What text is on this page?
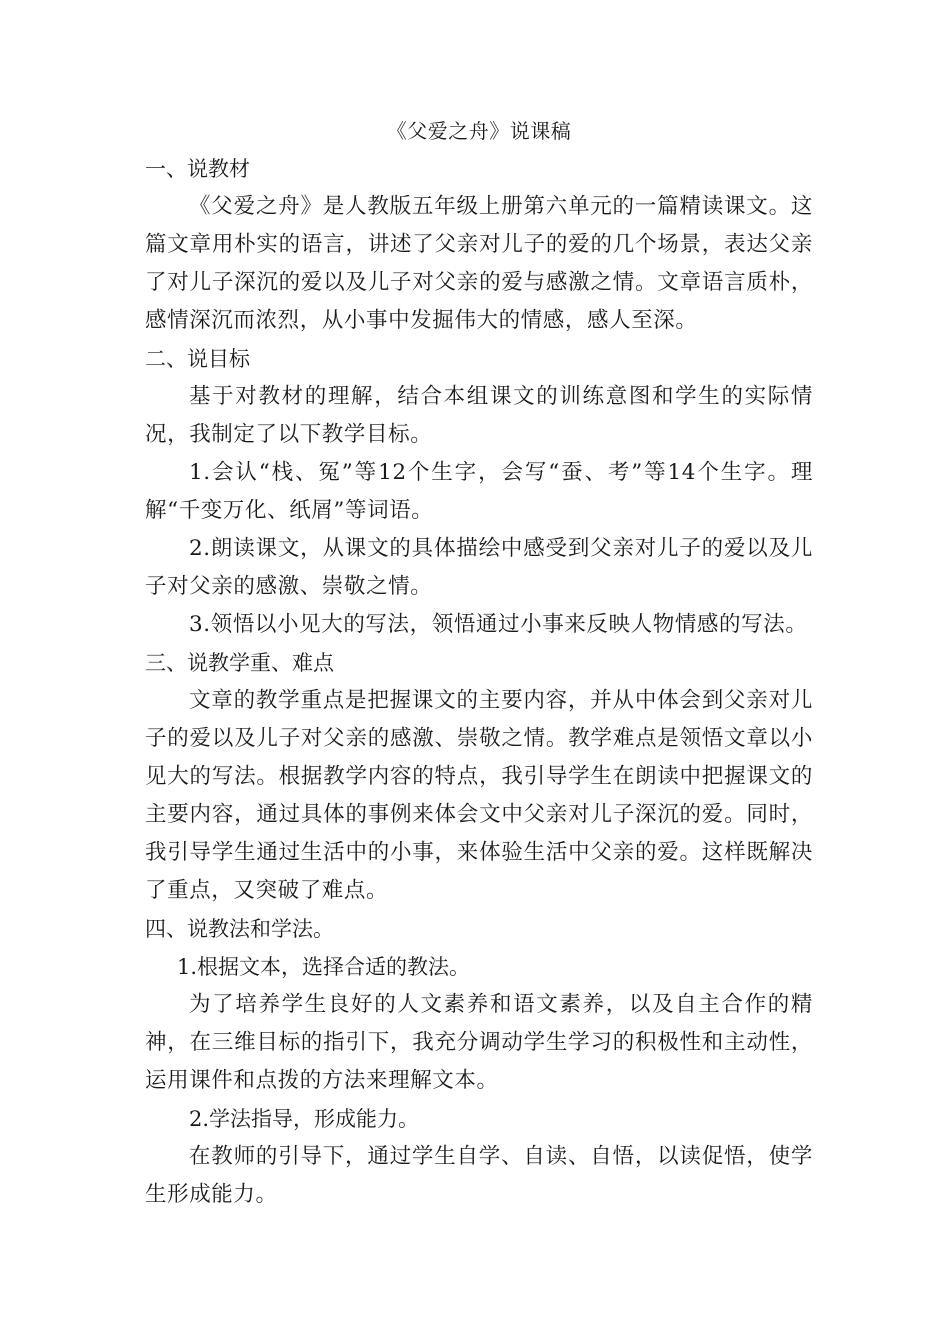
《父爱之舟》说课稿

一、说教材

《父爱之舟》是人教版五年级上册第六单元的一篇精读课文。这篇文章用朴实的语言，讲述了父亲对儿子的爱的几个场景，表达父亲了对儿子深沉的爱以及儿子对父亲的爱与感激之情。文章语言质朴，感情深沉而浓烈，从小事中发掘伟大的情感，感人至深。

二、说目标

基于对教材的理解，结合本组课文的训练意图和学生的实际情况，我制定了以下教学目标。

1.会认“栈、冤”等12个生字，会写“蚕、考”等14个生字。理解“千变万化、纸屑”等词语。

2.朗读课文，从课文的具体描绘中感受到父亲对儿子的爱以及儿子对父亲的感激、崇敬之情。

3.领悟以小见大的写法，领悟通过小事来反映人物情感的写法。

三、说教学重、难点

文章的教学重点是把握课文的主要内容，并从中体会到父亲对儿子的爱以及儿子对父亲的感激、崇敬之情。教学难点是领悟文章以小见大的写法。根据教学内容的特点，我引导学生在朗读中把握课文的主要内容，通过具体的事例来体会文中父亲对儿子深沉的爱。同时，我引导学生通过生活中的小事，来体验生活中父亲的爱。这样既解决了重点，又突破了难点。

四、说教法和学法。

1.根据文本，选择合适的教法。

为了培养学生良好的人文素养和语文素养，以及自主合作的精神，在三维目标的指引下，我充分调动学生学习的积极性和主动性，运用课件和点拨的方法来理解文本。

2.学法指导，形成能力。

在教师的引导下，通过学生自学、自读、自悟，以读促悟，使学生形成能力。
